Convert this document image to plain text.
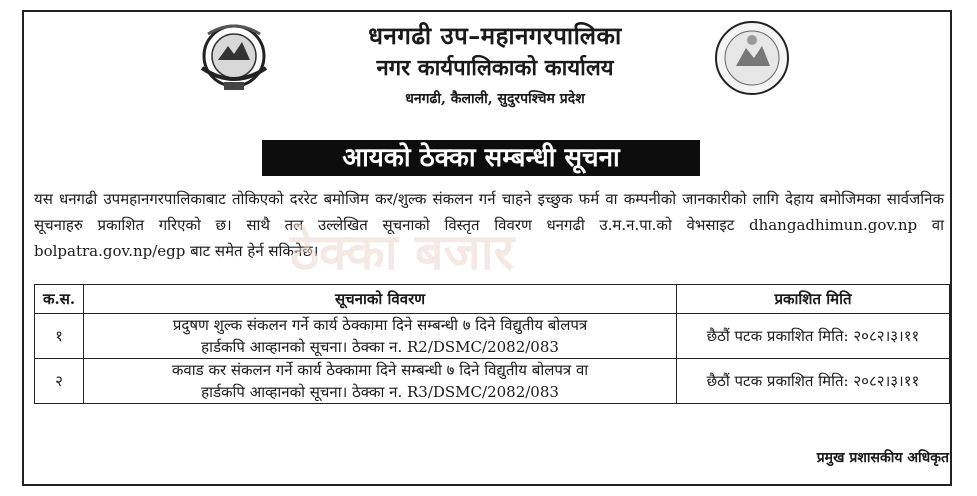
धनगढी उप–महानगरपालिका
नगर कार्यपालिकाको कार्यालय
धनगढी, कैलाली, सुदुरपश्चिम प्रदेश
आयको ठेक्का सम्बन्धी सूचना
यस धनगढी उपमहानगरपालिकाबाट तोकिएको दररेट बमोजिम कर/शुल्क संकलन गर्न चाहने इच्छुक फर्म वा कम्पनीको जानकारीको लागि देहाय बमोजिमका सार्वजनिक सूचनाहरु प्रकाशित गरिएको छ। साथै तल उल्लेखित सूचनाको विस्तृत विवरण धनगढी उ.म.न.पा.को वेभसाइट dhangadhimun.gov.np वा bolpatra.gov.np/egp बाट समेत हेर्न सकिनेछ।
ठेक्का बजार
क.स.	सूचनाको विवरण	प्रकाशित मिति
१	प्रदुषण शुल्क संकलन गर्ने कार्य ठेक्कामा दिने सम्बन्धी ७ दिने विद्युतीय बोलपत्र
हार्डकपि आव्हानको सूचना। ठेक्का न. R2/DSMC/2082/083	छैठौं पटक प्रकाशित मिति: २०८२।३।११
२	कवाड कर संकलन गर्ने कार्य ठेक्कामा दिने सम्बन्धी ७ दिने विद्युतीय बोलपत्र वा
हार्डकपि आव्हानको सूचना। ठेक्का न. R3/DSMC/2082/083	छैठौं पटक प्रकाशित मिति: २०८२।३।११
प्रमुख प्रशासकीय अधिकृत
